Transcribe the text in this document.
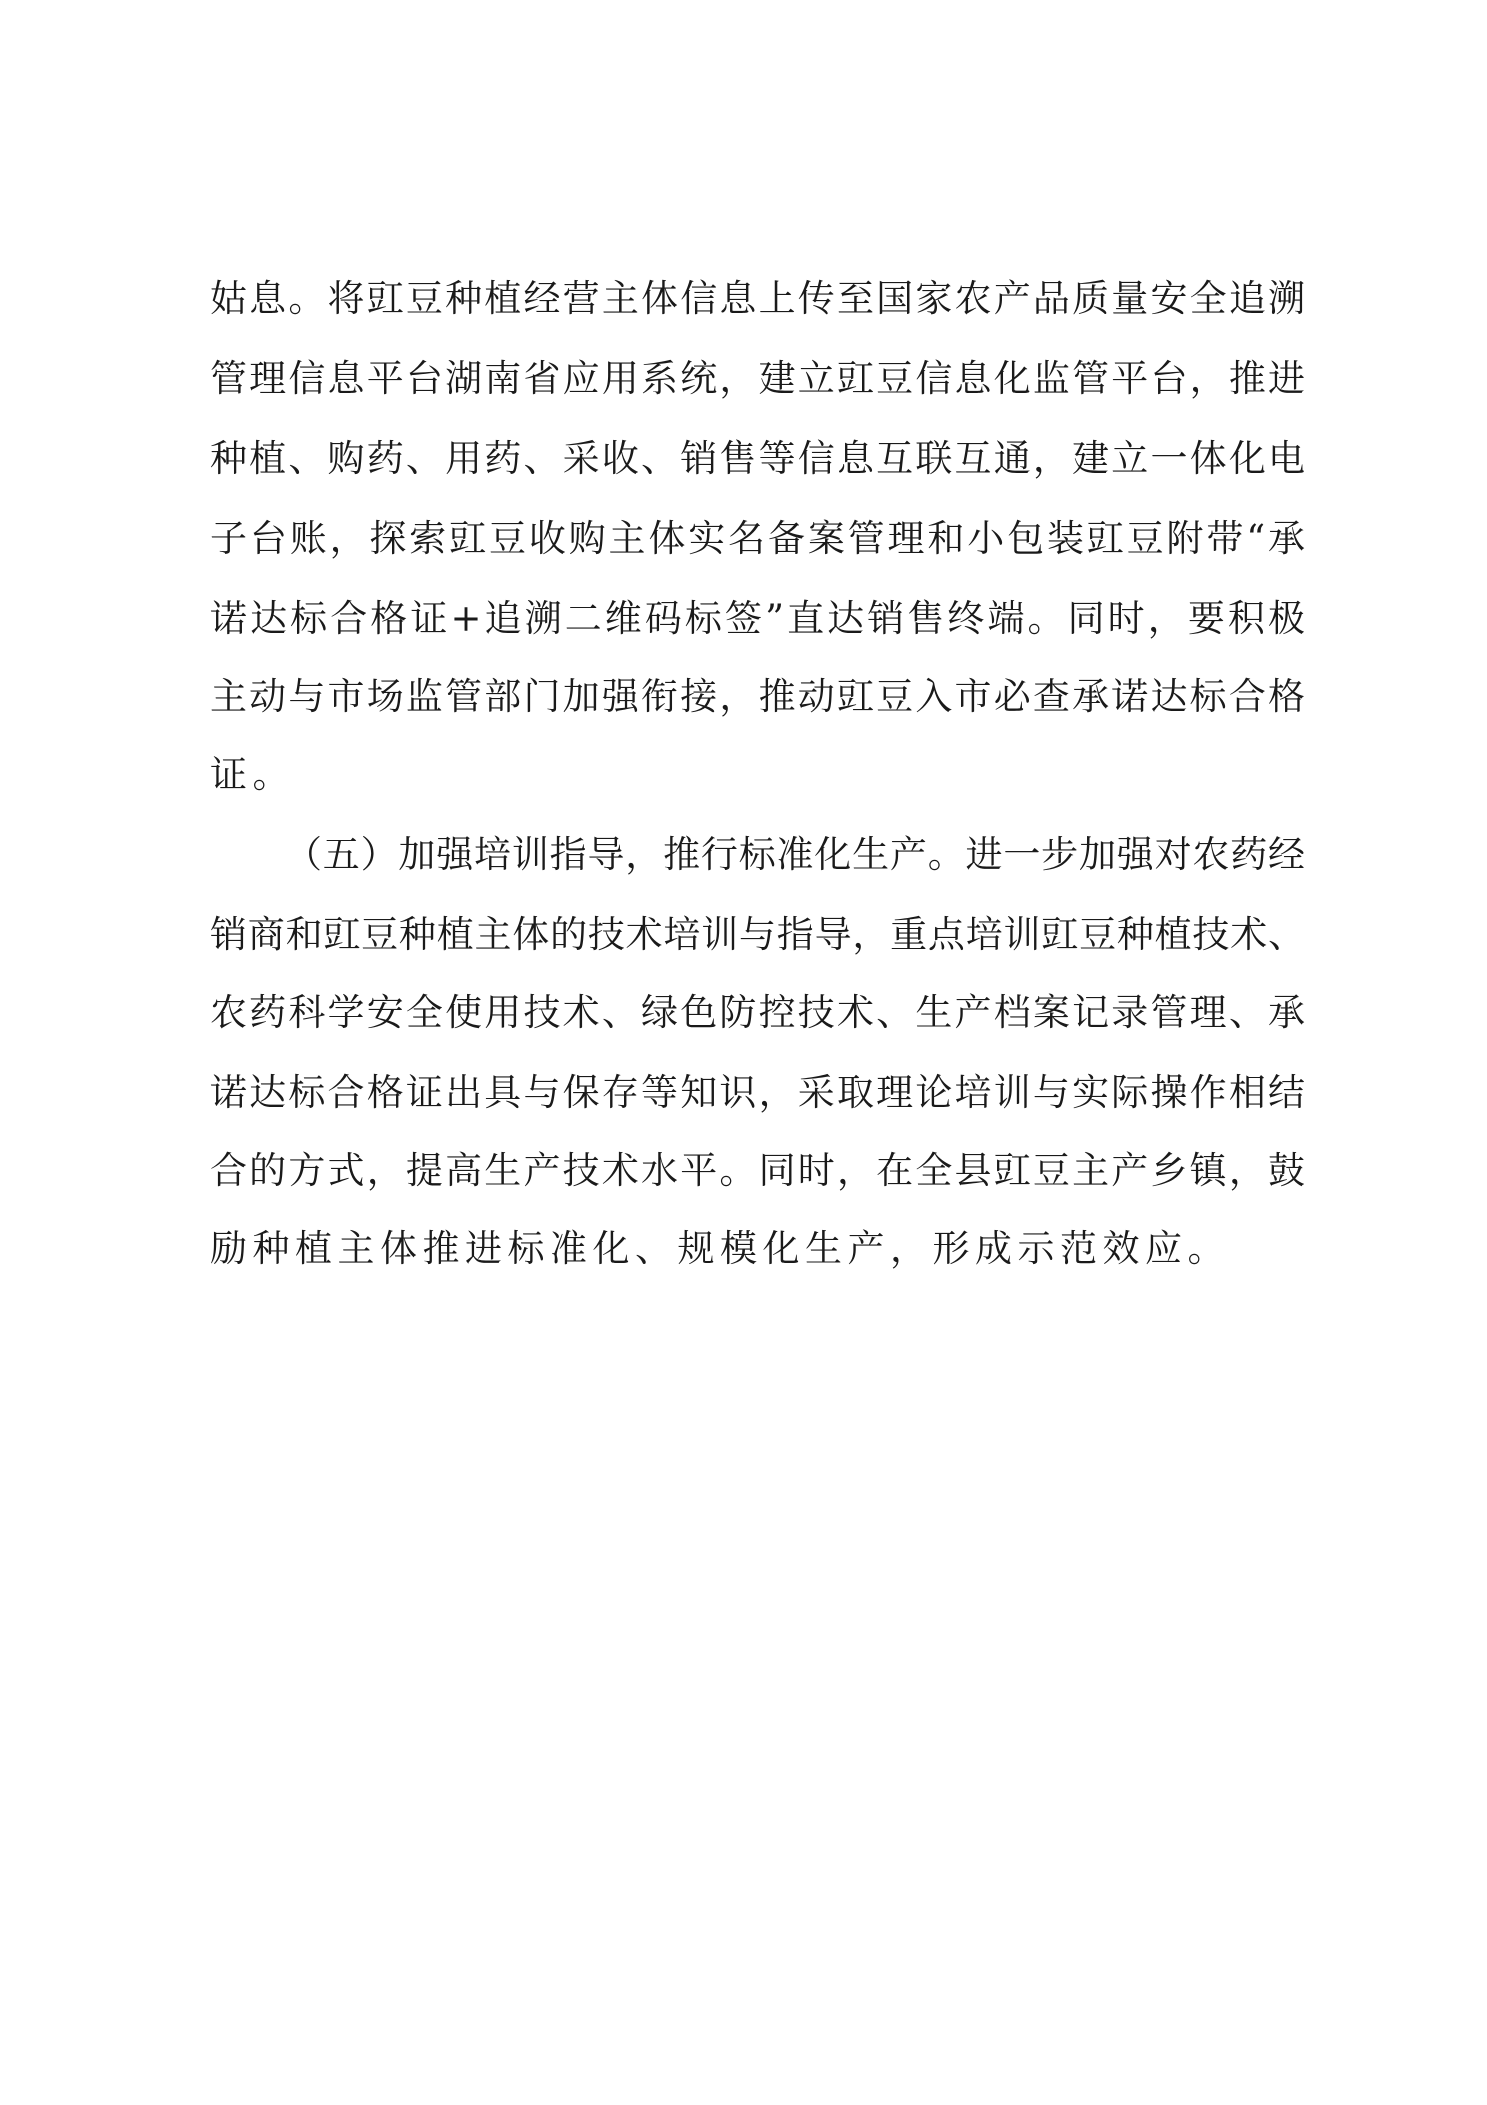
姑息。将豇豆种植经营主体信息上传至国家农产品质量安全追溯
管理信息平台湖南省应用系统，建立豇豆信息化监管平台，推进
种植、购药、用药、采收、销售等信息互联互通，建立一体化电
子台账，探索豇豆收购主体实名备案管理和小包装豇豆附带“承
诺达标合格证+追溯二维码标签”直达销售终端。同时，要积极
主动与市场监管部门加强衔接，推动豇豆入市必查承诺达标合格
证。
（五）加强培训指导，推行标准化生产。进一步加强对农药经
销商和豇豆种植主体的技术培训与指导，重点培训豇豆种植技术、
农药科学安全使用技术、绿色防控技术、生产档案记录管理、承
诺达标合格证出具与保存等知识，采取理论培训与实际操作相结
合的方式，提高生产技术水平。同时，在全县豇豆主产乡镇，鼓
励种植主体推进标准化、规模化生产，形成示范效应。
